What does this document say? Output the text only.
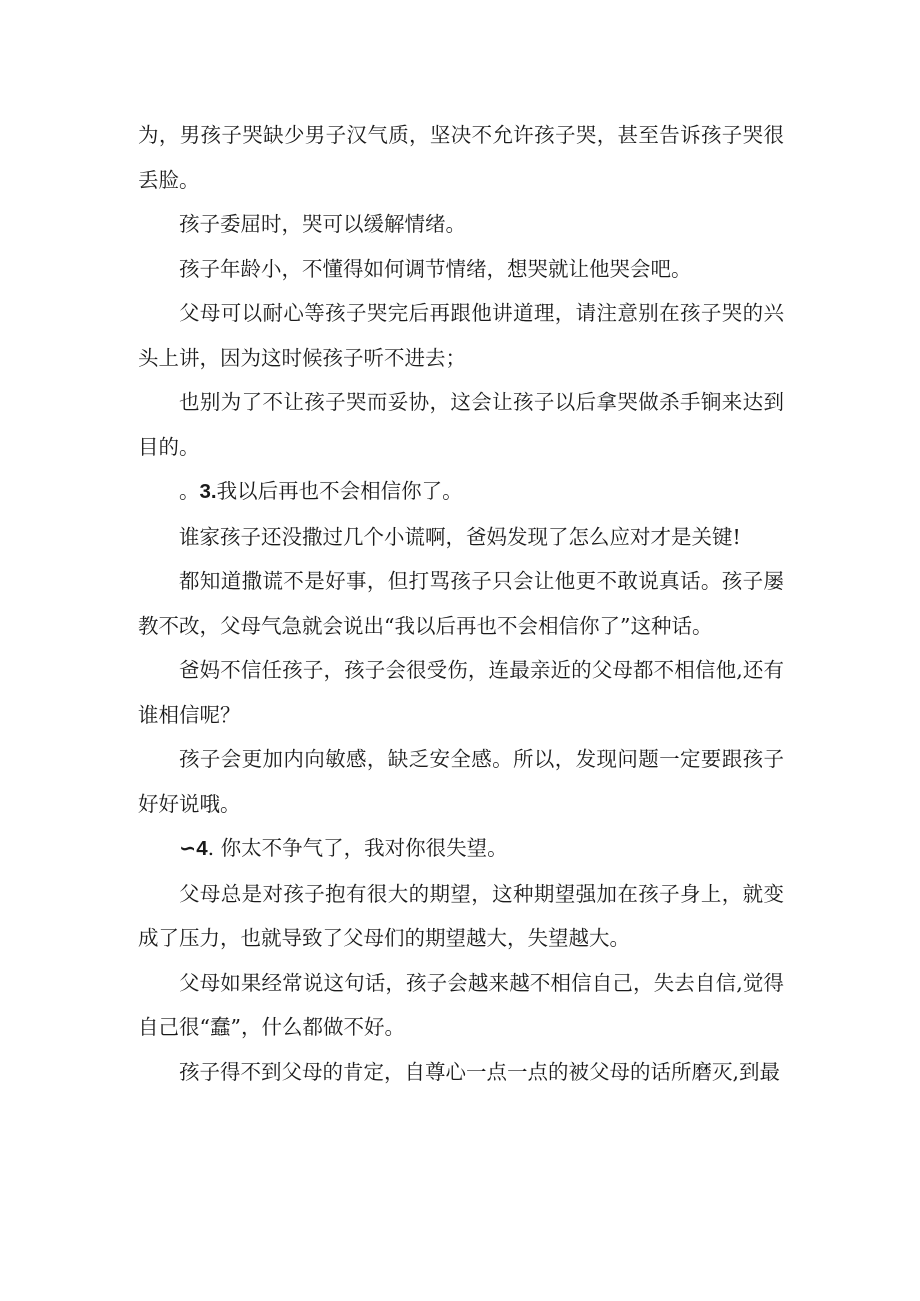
为，男孩子哭缺少男子汉气质，坚决不允许孩子哭，甚至告诉孩子哭很丢脸。

孩子委屈时，哭可以缓解情绪。

孩子年龄小，不懂得如何调节情绪，想哭就让他哭会吧。

父母可以耐心等孩子哭完后再跟他讲道理，请注意别在孩子哭的兴头上讲，因为这时候孩子听不进去；

也别为了不让孩子哭而妥协，这会让孩子以后拿哭做杀手锏来达到目的。

。3.我以后再也不会相信你了。

谁家孩子还没撒过几个小谎啊，爸妈发现了怎么应对才是关键!

都知道撒谎不是好事，但打骂孩子只会让他更不敢说真话。孩子屡教不改，父母气急就会说出“我以后再也不会相信你了”这种话。

爸妈不信任孩子，孩子会很受伤，连最亲近的父母都不相信他,还有谁相信呢？

孩子会更加内向敏感，缺乏安全感。所以，发现问题一定要跟孩子好好说哦。

∽4. 你太不争气了，我对你很失望。

父母总是对孩子抱有很大的期望，这种期望强加在孩子身上，就变成了压力，也就导致了父母们的期望越大，失望越大。

父母如果经常说这句话，孩子会越来越不相信自己，失去自信,觉得自己很“蠢”，什么都做不好。

孩子得不到父母的肯定，自尊心一点一点的被父母的话所磨灭,到最
